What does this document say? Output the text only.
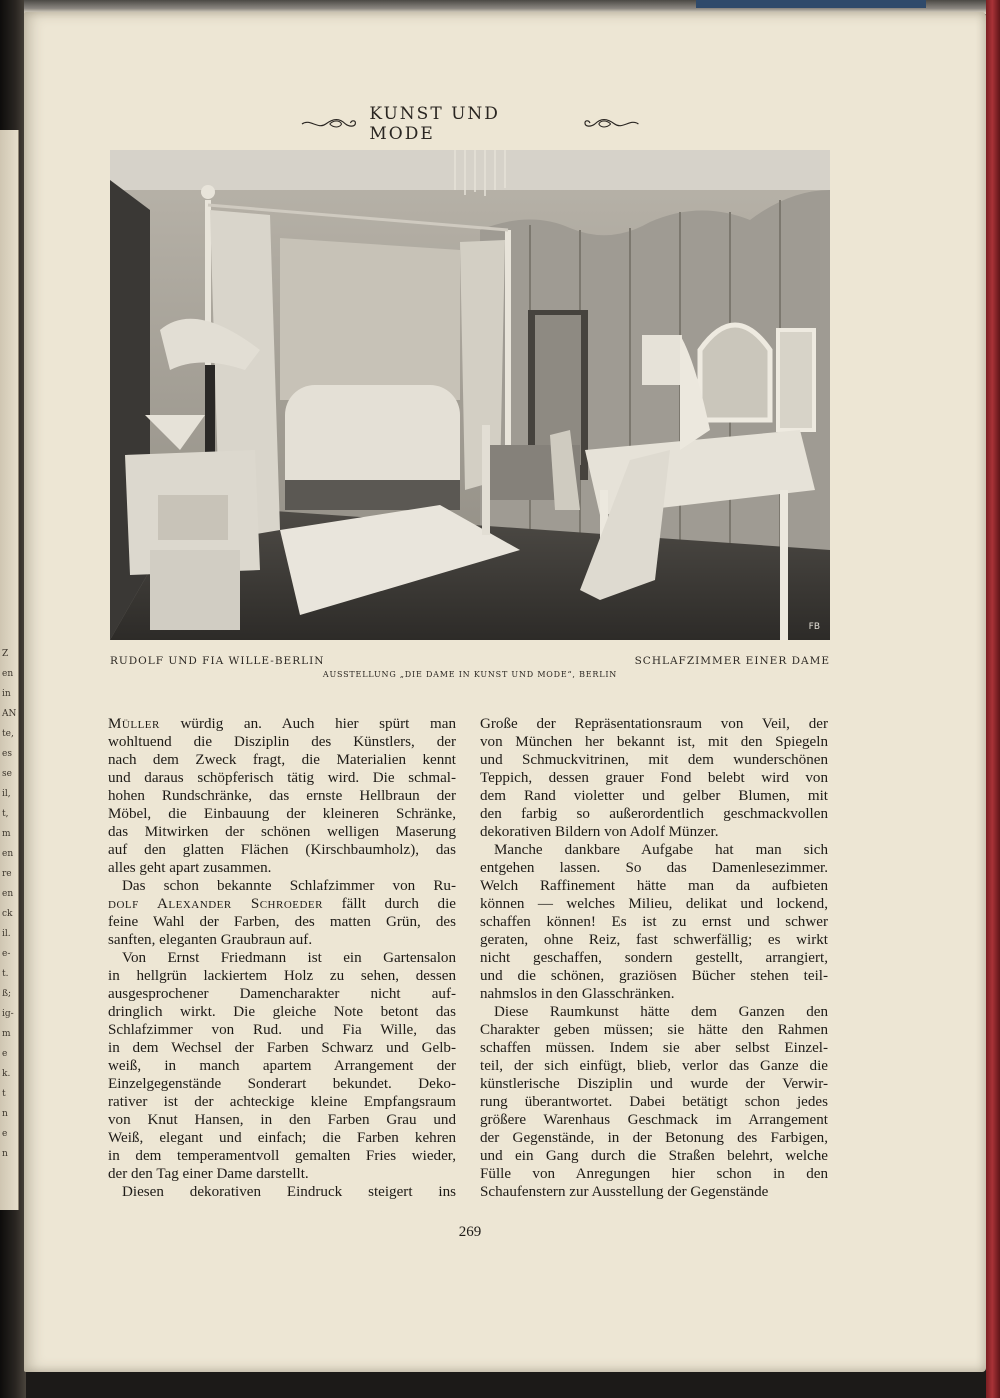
Z
en
in
AN
te,
es
se
il,
t,
m
en
re
en
ck
il.
e-
t.
ß;
ig-
m
e
k.
t
n
e
n
KUNST UND MODE
FB
RUDOLF UND FIA WILLE-BERLIN	SCHLAFZIMMER EINER DAME
AUSSTELLUNG „DIE DAME IN KUNST UND MODE“, BERLIN
Müller würdig an. Auch hier spürt man
wohltuend die Disziplin des Künstlers, der
nach dem Zweck fragt, die Materialien kennt
und daraus schöpferisch tätig wird. Die schmal-
hohen Rundschränke, das ernste Hellbraun der
Möbel, die Einbauung der kleineren Schränke,
das Mitwirken der schönen welligen Maserung
auf den glatten Flächen (Kirschbaumholz), das
alles geht apart zusammen.
Das schon bekannte Schlafzimmer von Ru-
dolf Alexander Schroeder fällt durch die
feine Wahl der Farben, des matten Grün, des
sanften, eleganten Graubraun auf.
Von Ernst Friedmann ist ein Gartensalon
in hellgrün lackiertem Holz zu sehen, dessen
ausgesprochener Damencharakter nicht auf-
dringlich wirkt. Die gleiche Note betont das
Schlafzimmer von Rud. und Fia Wille, das
in dem Wechsel der Farben Schwarz und Gelb-
weiß, in manch apartem Arrangement der
Einzelgegenstände Sonderart bekundet. Deko-
rativer ist der achteckige kleine Empfangsraum
von Knut Hansen, in den Farben Grau und
Weiß, elegant und einfach; die Farben kehren
in dem temperamentvoll gemalten Fries wieder,
der den Tag einer Dame darstellt.
Diesen dekorativen Eindruck steigert ins
Große der Repräsentationsraum von Veil, der
von München her bekannt ist, mit den Spiegeln
und Schmuckvitrinen, mit dem wunderschönen
Teppich, dessen grauer Fond belebt wird von
dem Rand violetter und gelber Blumen, mit
den farbig so außerordentlich geschmackvollen
dekorativen Bildern von Adolf Münzer.
Manche dankbare Aufgabe hat man sich
entgehen lassen. So das Damenlesezimmer.
Welch Raffinement hätte man da aufbieten
können — welches Milieu, delikat und lockend,
schaffen können! Es ist zu ernst und schwer
geraten, ohne Reiz, fast schwerfällig; es wirkt
nicht geschaffen, sondern gestellt, arrangiert,
und die schönen, graziösen Bücher stehen teil-
nahmslos in den Glasschränken.
Diese Raumkunst hätte dem Ganzen den
Charakter geben müssen; sie hätte den Rahmen
schaffen müssen. Indem sie aber selbst Einzel-
teil, der sich einfügt, blieb, verlor das Ganze die
künstlerische Disziplin und wurde der Verwir-
rung überantwortet. Dabei betätigt schon jedes
größere Warenhaus Geschmack im Arrangement
der Gegenstände, in der Betonung des Farbigen,
und ein Gang durch die Straßen belehrt, welche
Fülle von Anregungen hier schon in den
Schaufenstern zur Ausstellung der Gegenstände
269
